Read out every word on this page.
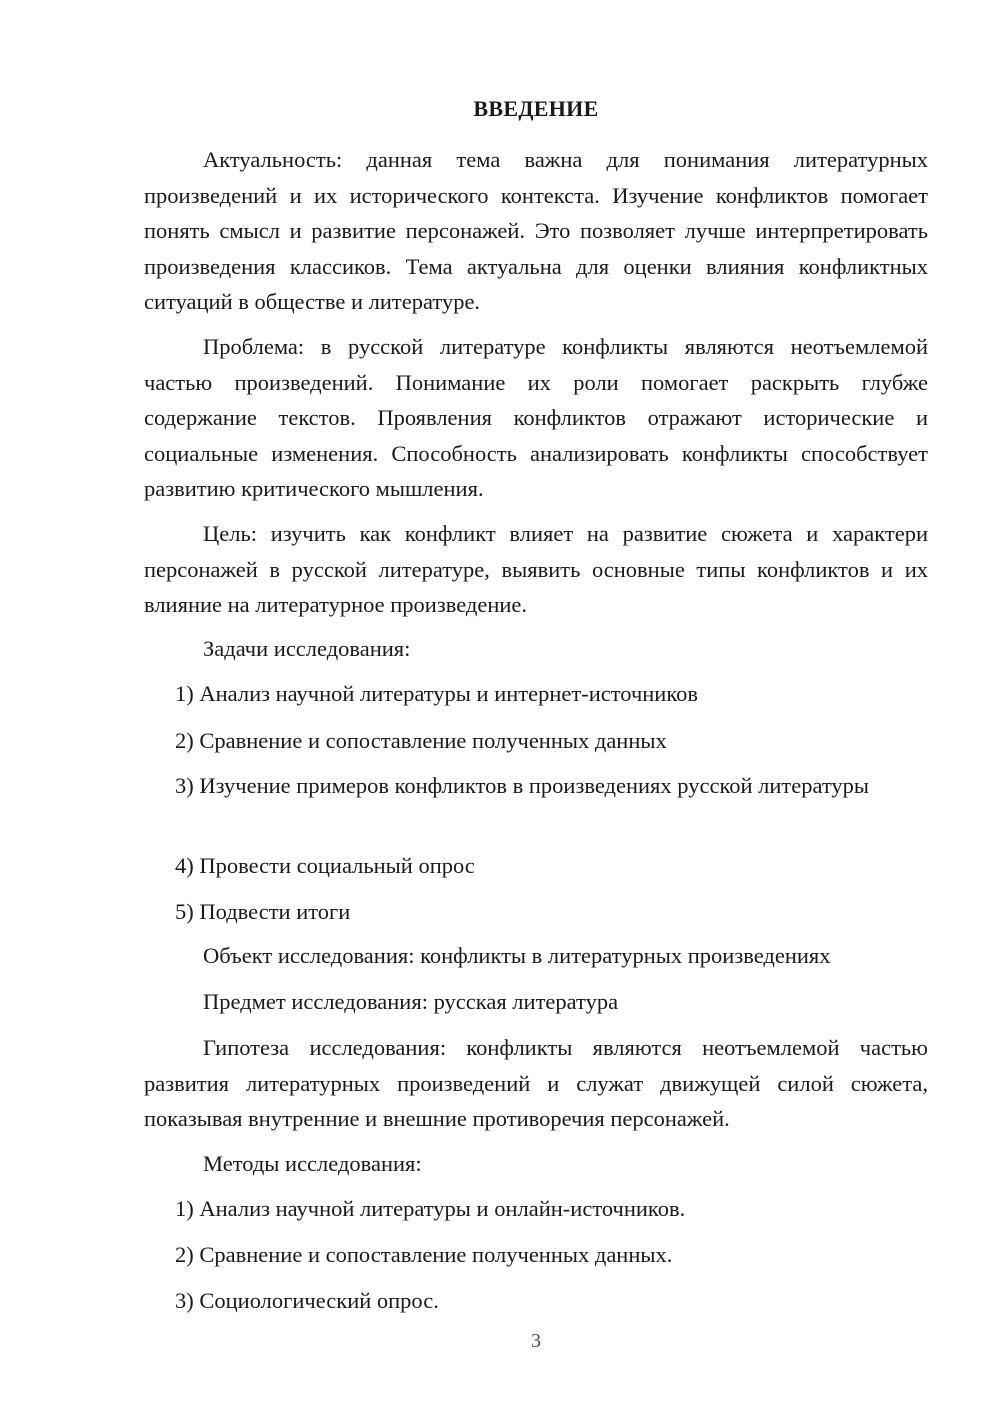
ВВЕДЕНИЕ

Актуальность: данная тема важна для понимания литературных произведений и их исторического контекста. Изучение конфликтов помогает понять смысл и развитие персонажей. Это позволяет лучше интерпретировать произведения классиков. Тема актуальна для оценки влияния конфликтных ситуаций в обществе и литературе.

Проблема: в русской литературе конфликты являются неотъемлемой частью произведений. Понимание их роли помогает раскрыть глубже содержание текстов. Проявления конфликтов отражают исторические и социальные изменения. Способность анализировать конфликты способствует развитию критического мышления.

Цель: изучить как конфликт влияет на развитие сюжета и характери персонажей в русской литературе, выявить основные типы конфликтов и их влияние на литературное произведение.

Задачи исследования:

1) Анализ научной литературы и интернет-источников

2) Сравнение и сопоставление полученных данных

3) Изучение примеров конфликтов в произведениях русской литературы

4) Провести социальный опрос

5) Подвести итоги

Объект исследования: конфликты в литературных произведениях

Предмет исследования: русская литература

Гипотеза исследования: конфликты являются неотъемлемой частью развития литературных произведений и служат движущей силой сюжета, показывая внутренние и внешние противоречия персонажей.

Методы исследования:

1) Анализ научной литературы и онлайн-источников.

2) Сравнение и сопоставление полученных данных.

3) Социологический опрос.

3
